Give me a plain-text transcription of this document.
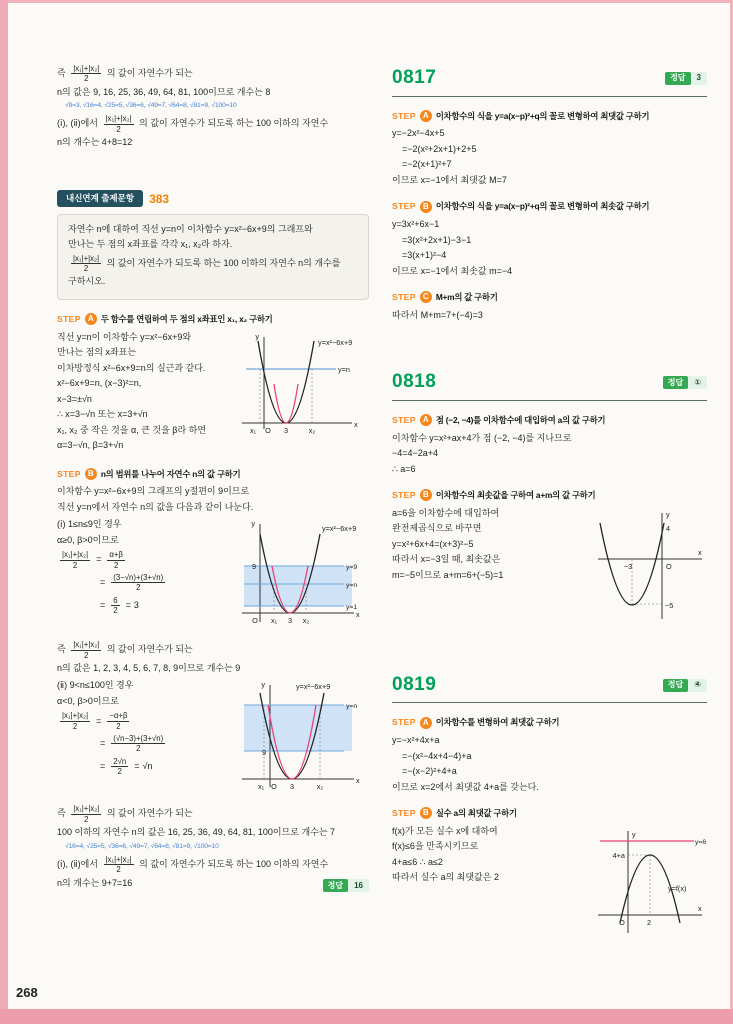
268
즉 $\frac{\text{|x₁|+|x₂|}}{2}$ 의 값이 자연수가 되는
n의 값은 9, 16, 25, 36, 49, 64, 81, 100이므로 개수는 8
√9=3, √16=4, √25=5, √36=6, √49=7, √64=8, √81=9, √100=10
(ⅰ), (ⅱ)에서 $\frac{\text{|x₁|+|x₂|}}{2}$ 의 값이 자연수가 되도록 하는 100 이하의 자연수
n의 개수는 4+8=12
내신연계 출제문항	383
자연수 n에 대하여 직선 y=n이 이차함수 y=x²−6x+9의 그래프와
만나는 두 점의 x좌표를 각각 x₁, x₂라 하자.
$\frac{\text{|x₁|+|x₂|}}{2}$ 의 값이 자연수가 되도록 하는 100 이하의 자연수 n의 개수를
구하시오.
STEP A 두 함수를 연립하여 두 점의 x좌표인 x₁, x₂ 구하기
직선 y=n이 이차함수 y=x²−6x+9와
만나는 점의 x좌표는
이차방정식 x²−6x+9=n의 실근과 같다.
x²−6x+9=n, (x−3)²=n,
x−3=±√n
∴ x=3−√n 또는 x=3+√n
x₁, x₂ 중 작은 것을 α, 큰 것을 β라 하면
α=3−√n, β=3+√n
y
x
y=x²−6x+9
y=n
x₁ O 3	x₂
STEP B n의 범위를 나누어 자연수 n의 값 구하기
이차함수 y=x²−6x+9의 그래프의 y절편이 9이므로
직선 y=n에서 자연수 n의 값을 다음과 같이 나눈다.
(ⅰ) 1≤n≤9인 경우
α≥0, β>0이므로
$\frac{\text{|x₁|+|x₂|}}{2} = \frac{\alpha+\beta}{2}$
= $\frac{(3-√n)+(3+√n)}{2}$
= $\frac{6}{2} = 3$
y
x
y=x²−6x+9
9	y=9
y=n
y=1
O x₁ 3 x₂
즉 $\frac{\text{|x₁|+|x₂|}}{2}$ 의 값이 자연수가 되는
n의 값은 1, 2, 3, 4, 5, 6, 7, 8, 9이므로 개수는 9
(ⅱ) 9<n≤100인 경우
α<0, β>0이므로
$\frac{\text{|x₁|+|x₂|}}{2} = \frac{-\alpha+\beta}{2}$
= $\frac{(√n-3)+(3+√n)}{2}$
= $\frac{2√n}{2} = √n$
y
x
y=x²−6x+9
y=n
9
x₁ O 3	x₂
즉 $\frac{\text{|x₁|+|x₂|}}{2}$ 의 값이 자연수가 되는
100 이하의 자연수 n의 값은 16, 25, 36, 49, 64, 81, 100이므로 개수는 7
√16=4, √25=5, √36=6, √49=7, √64=8, √81=9, √100=10
(ⅰ), (ⅱ)에서 $\frac{\text{|x₁|+|x₂|}}{2}$ 의 값이 자연수가 되도록 하는 100 이하의 자연수
n의 개수는 9+7=16	정답	16
0817	정답	3
STEP A 이차함수의 식을 y=a(x−p)²+q의 꼴로 변형하여 최댓값 구하기
y=−2x²−4x+5
=−2(x²+2x+1)+2+5
=−2(x+1)²+7
이므로 x=−1에서 최댓값 M=7
STEP B 이차함수의 식을 y=a(x−p)²+q의 꼴로 변형하여 최솟값 구하기
y=3x²+6x−1
=3(x²+2x+1)−3−1
=3(x+1)²−4
이므로 x=−1에서 최솟값 m=−4
STEP C M+m의 값 구하기
따라서 M+m=7+(−4)=3
0818	정답	①
STEP A 점 (−2, −4)를 이차함수에 대입하여 a의 값 구하기
이차함수 y=x²+ax+4가 점 (−2, −4)를 지나므로
−4=4−2a+4
∴ a=6
STEP B 이차함수의 최솟값을 구하여 a+m의 값 구하기
a=6을 이차함수에 대입하여
완전제곱식으로 바꾸면
y=x²+6x+4=(x+3)²−5
따라서 x=−3일 때, 최솟값은
m=−5이므로 a+m=6+(−5)=1
y
x
O
4
−3
−5
0819	정답	④
STEP A 이차함수를 변형하여 최댓값 구하기
y=−x²+4x+a
=−(x²−4x+4−4)+a
=−(x−2)²+4+a
이므로 x=2에서 최댓값 4+a를 갖는다.
STEP B 실수 a의 최댓값 구하기
f(x)가 모든 실수 x에 대하여
f(x)≤6을 만족시키므로
4+a≤6 ∴ a≤2
따라서 실수 a의 최댓값은 2
y
x
4+a
y=6
y=f(x)
O	2
